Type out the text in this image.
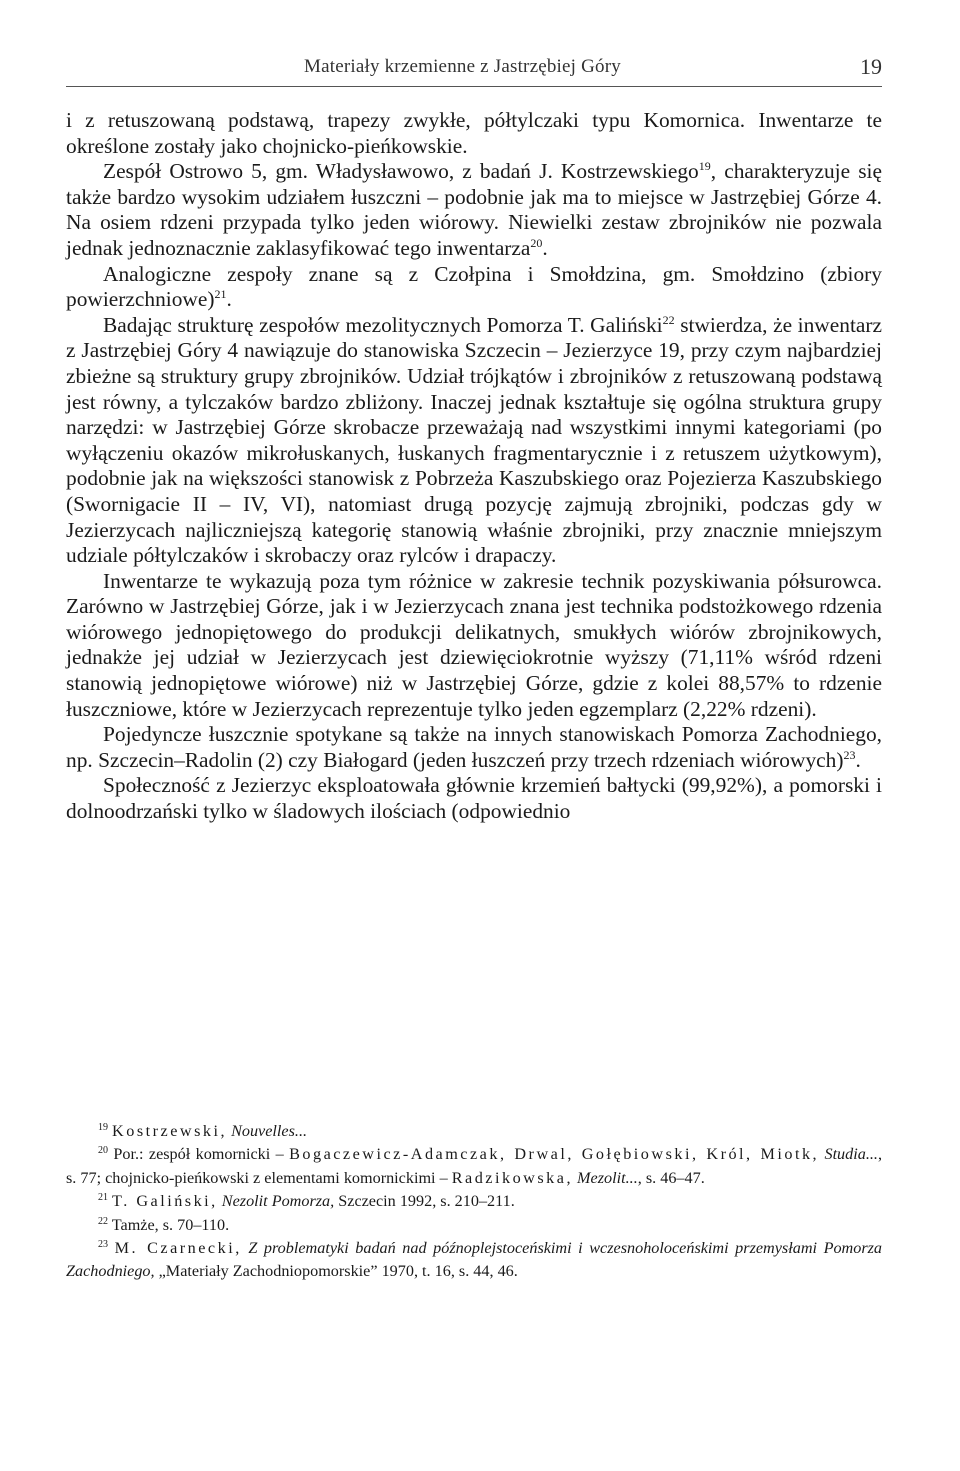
Materiały krzemienne z Jastrzębiej Góry	19

i z retuszowaną podstawą, trapezy zwykłe, półtylczaki typu Komornica. Inwentarze te określone zostały jako chojnicko-pieńkowskie.

Zespół Ostrowo 5, gm. Władysławowo, z badań J. Kostrzewskiego$^{19}$, charakteryzuje się także bardzo wysokim udziałem łuszczni – podobnie jak ma to miejsce w Jastrzębiej Górze 4. Na osiem rdzeni przypada tylko jeden wiórowy. Niewielki zestaw zbrojników nie pozwala jednak jednoznacznie zaklasyfikować tego inwentarza$^{20}$.

Analogiczne zespoły znane są z Czołpina i Smołdzina, gm. Smołdzino (zbiory powierzchniowe)$^{21}$.

Badając strukturę zespołów mezolitycznych Pomorza T. Galiński$^{22}$ stwierdza, że inwentarz z Jastrzębiej Góry 4 nawiązuje do stanowiska Szczecin – Jezierzyce 19, przy czym najbardziej zbieżne są struktury grupy zbrojników. Udział trójkątów i zbrojników z retuszowaną podstawą jest równy, a tylczaków bardzo zbliżony. Inaczej jednak kształtuje się ogólna struktura grupy narzędzi: w Jastrzębiej Górze skrobacze przeważają nad wszystkimi innymi kategoriami (po wyłączeniu okazów mikrołuskanych, łuskanych fragmentarycznie i z retuszem użytkowym), podobnie jak na większości stanowisk z Pobrzeża Kaszubskiego oraz Pojezierza Kaszubskiego (Swornigacie II – IV, VI), natomiast drugą pozycję zajmują zbrojniki, podczas gdy w Jezierzycach najliczniejszą kategorię stanowią właśnie zbrojniki, przy znacznie mniejszym udziale półtylczaków i skrobaczy oraz rylców i drapaczy.

Inwentarze te wykazują poza tym różnice w zakresie technik pozyskiwania półsurowca. Zarówno w Jastrzębiej Górze, jak i w Jezierzycach znana jest technika podstożkowego rdzenia wiórowego jednopiętowego do produkcji delikatnych, smukłych wiórów zbrojnikowych, jednakże jej udział w Jezierzycach jest dziewięciokrotnie wyższy (71,11% wśród rdzeni stanowią jednopiętowe wiórowe) niż w Jastrzębiej Górze, gdzie z kolei 88,57% to rdzenie łuszczniowe, które w Jezierzycach reprezentuje tylko jeden egzemplarz (2,22% rdzeni).

Pojedyncze łuszcznie spotykane są także na innych stanowiskach Pomorza Zachodniego, np. Szczecin–Radolin (2) czy Białogard (jeden łuszczeń przy trzech rdzeniach wiórowych)$^{23}$.

Społeczność z Jezierzyc eksploatowała głównie krzemień bałtycki (99,92%), a pomorski i dolnoodrzański tylko w śladowych ilościach (odpowiednio

$^{19}$ Kostrzewski, Nouvelles...

$^{20}$ Por.: zespół komornicki – Bogaczewicz-Adamczak, Drwal, Gołębiowski, Król, Miotk, Studia..., s. 77; chojnicko-pieńkowski z elementami komornickimi – Radzikowska, Mezolit..., s. 46–47.

$^{21}$ T. Galiński, Nezolit Pomorza, Szczecin 1992, s. 210–211.

$^{22}$ Tamże, s. 70–110.

$^{23}$ M. Czarnecki, Z problematyki badań nad późnoplejstoceńskimi i wczesnoholoceńskimi przemysłami Pomorza Zachodniego, „Materiały Zachodniopomorskie” 1970, t. 16, s. 44, 46.
